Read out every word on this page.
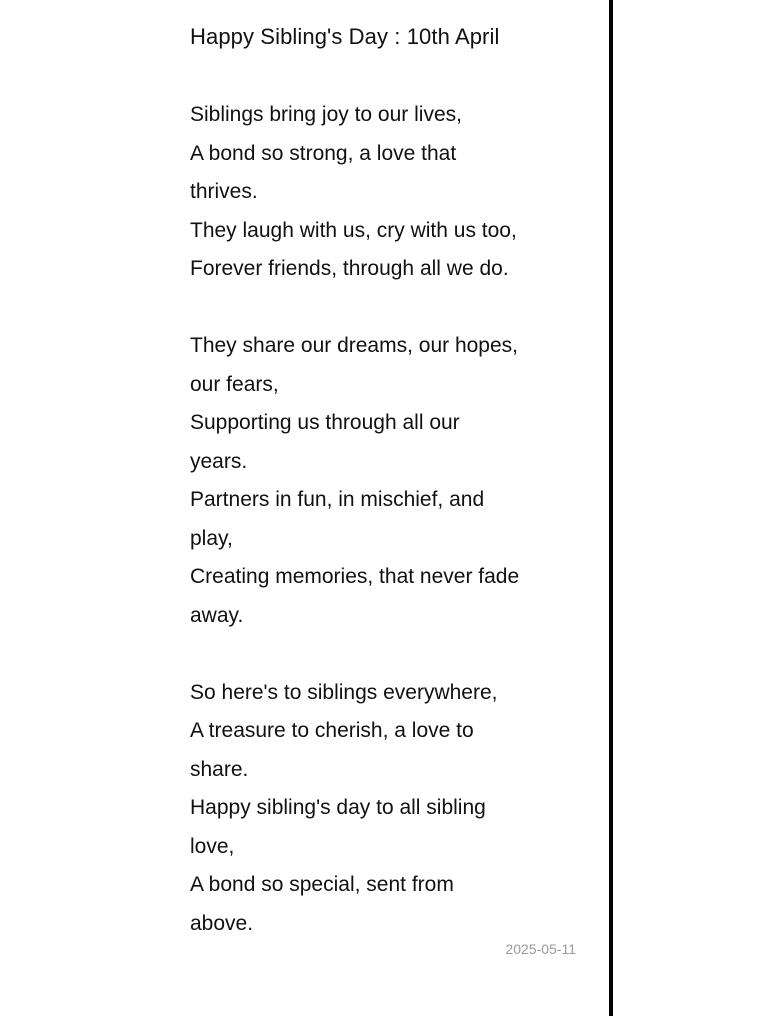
Happy Sibling's Day : 10th April
Siblings bring joy to our lives,
A bond so strong, a love that
thrives.
They laugh with us, cry with us too,
Forever friends, through all we do.
They share our dreams, our hopes,
our fears,
Supporting us through all our
years.
Partners in fun, in mischief, and
play,
Creating memories, that never fade
away.
So here's to siblings everywhere,
A treasure to cherish, a love to
share.
Happy sibling's day to all sibling
love,
A bond so special, sent from
above.
2025-05-11
